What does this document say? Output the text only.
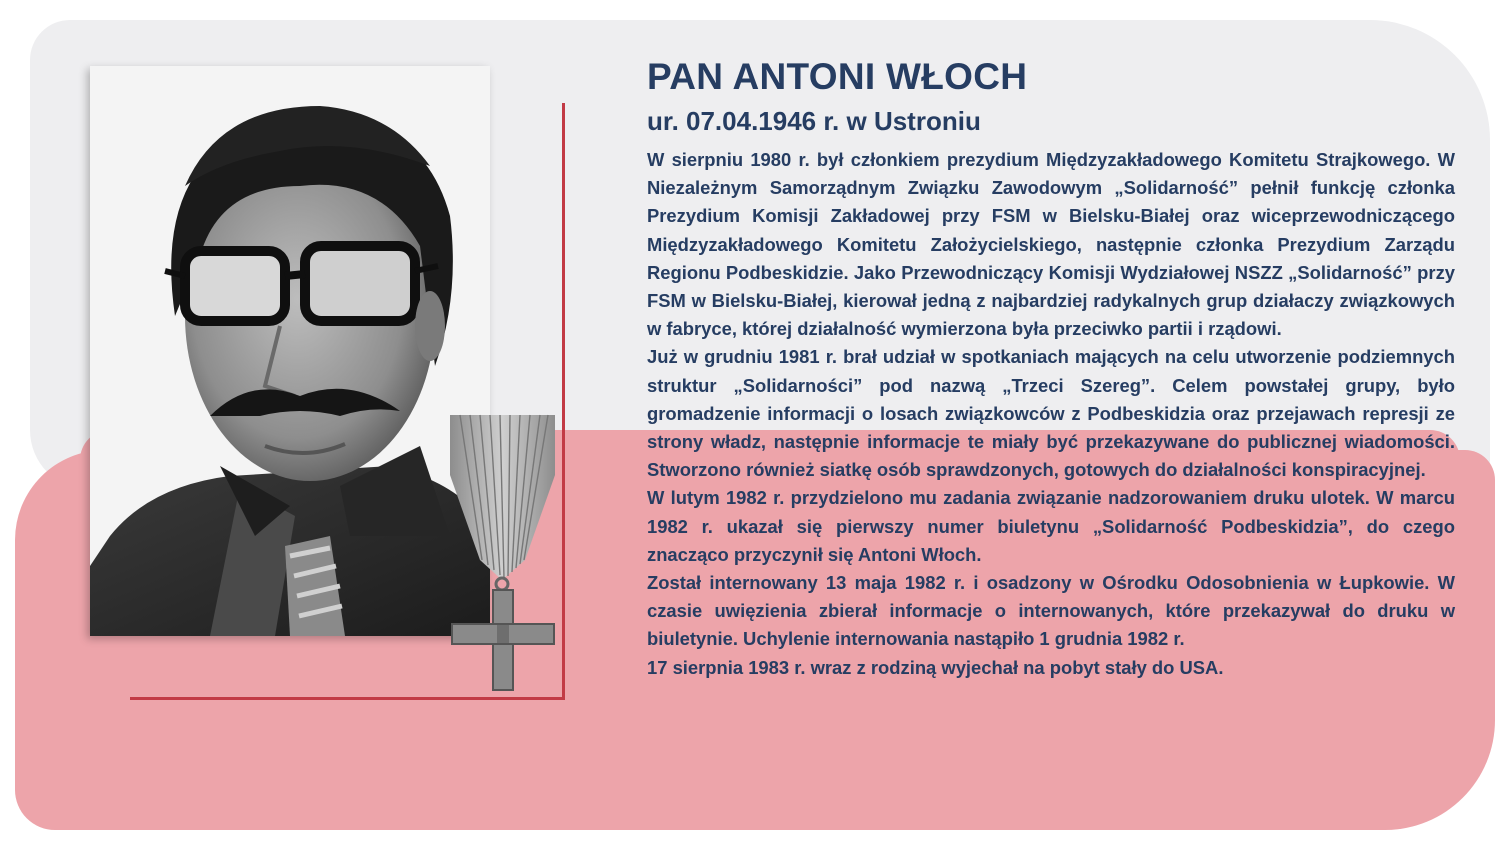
PAN ANTONI WŁOCH
ur. 07.04.1946 r. w Ustroniu

W sierpniu 1980 r. był członkiem prezydium Międzyzakładowego Komitetu Strajkowego. W Niezależnym Samorządnym Związku Zawodowym „Solidarność” pełnił funkcję członka Prezydium Komisji Zakładowej przy FSM w Bielsku-Białej oraz wiceprzewodniczącego Międzyzakładowego Komitetu Założycielskiego, następnie członka Prezydium Zarządu Regionu Podbeskidzie. Jako Przewodniczący Komisji Wydziałowej NSZZ „Solidarność” przy FSM w Bielsku-Białej, kierował jedną z najbardziej radykalnych grup działaczy związkowych w fabryce, której działalność wymierzona była przeciwko partii i rządowi.

Już w grudniu 1981 r. brał udział w spotkaniach mających na celu utworzenie podziemnych struktur „Solidarności” pod nazwą „Trzeci Szereg”. Celem powstałej grupy, było gromadzenie informacji o losach związkowców z Podbeskidzia oraz przejawach represji ze strony władz, następnie informacje te miały być przekazywane do publicznej wiadomości. Stworzono również siatkę osób sprawdzonych, gotowych do działalności konspiracyjnej.

W lutym 1982 r. przydzielono mu zadania związanie nadzorowaniem druku ulotek. W marcu 1982 r. ukazał się pierwszy numer biuletynu „Solidarność Podbeskidzia”, do czego znacząco przyczynił się Antoni Włoch.

Został internowany 13 maja 1982 r. i osadzony w Ośrodku Odosobnienia w Łupkowie. W czasie uwięzienia zbierał informacje o internowanych, które przekazywał do druku w biuletynie. Uchylenie internowania nastąpiło 1 grudnia 1982 r.

17 sierpnia 1983 r. wraz z rodziną wyjechał na pobyt stały do USA.
